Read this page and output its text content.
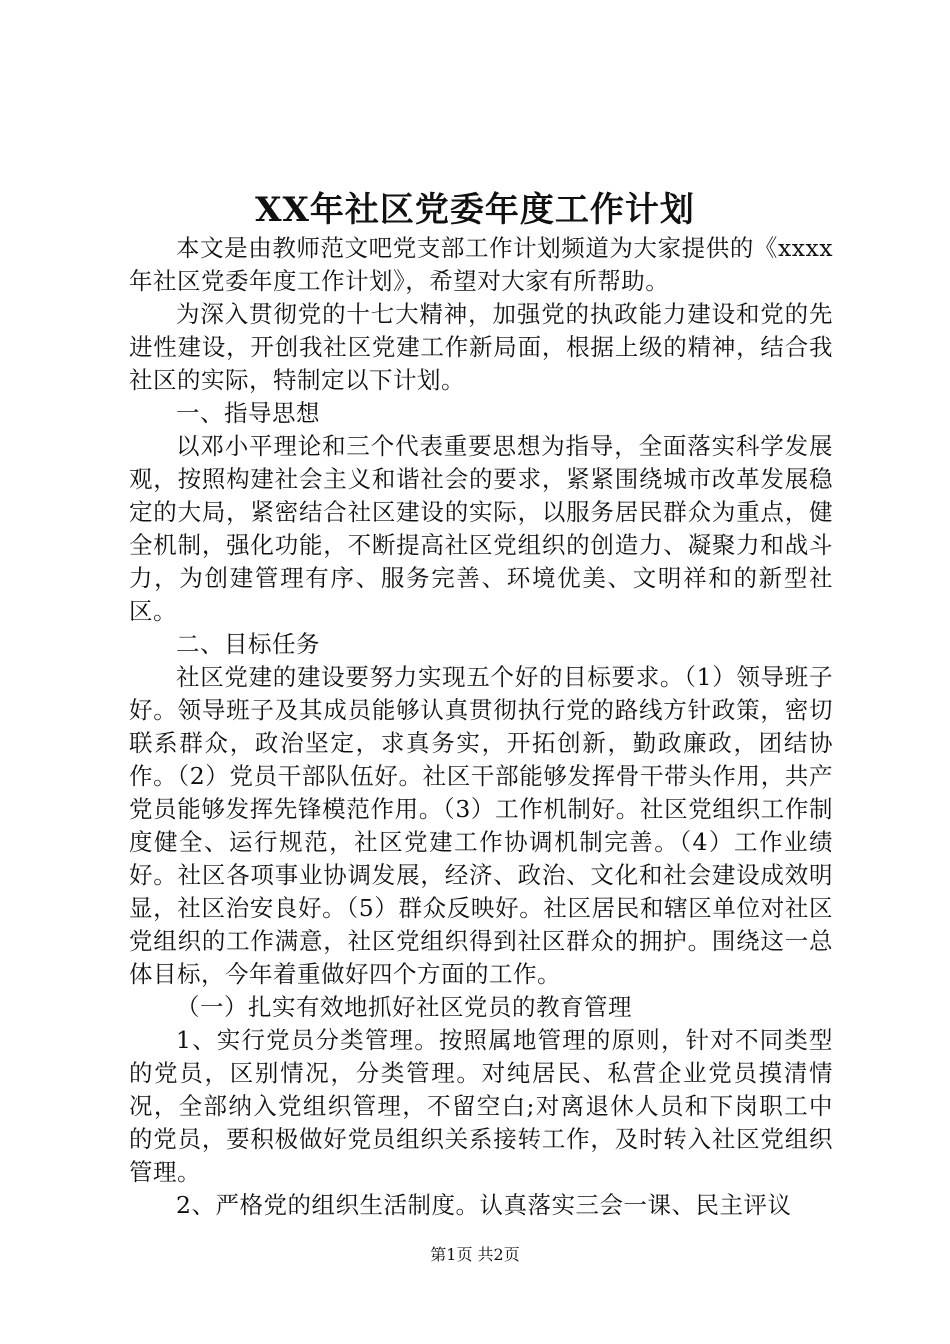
XX年社区党委年度工作计划

本文是由教师范文吧党支部工作计划频道为大家提供的《xxxx年社区党委年度工作计划》，希望对大家有所帮助。

为深入贯彻党的十七大精神，加强党的执政能力建设和党的先进性建设，开创我社区党建工作新局面，根据上级的精神，结合我社区的实际，特制定以下计划。

一、指导思想

以邓小平理论和三个代表重要思想为指导，全面落实科学发展观，按照构建社会主义和谐社会的要求，紧紧围绕城市改革发展稳定的大局，紧密结合社区建设的实际，以服务居民群众为重点，健全机制，强化功能，不断提高社区党组织的创造力、凝聚力和战斗力，为创建管理有序、服务完善、环境优美、文明祥和的新型社区。

二、目标任务

社区党建的建设要努力实现五个好的目标要求。（1）领导班子好。领导班子及其成员能够认真贯彻执行党的路线方针政策，密切联系群众，政治坚定，求真务实，开拓创新，勤政廉政，团结协作。（2）党员干部队伍好。社区干部能够发挥骨干带头作用，共产党员能够发挥先锋模范作用。（3）工作机制好。社区党组织工作制度健全、运行规范，社区党建工作协调机制完善。（4）工作业绩好。社区各项事业协调发展，经济、政治、文化和社会建设成效明显，社区治安良好。（5）群众反映好。社区居民和辖区单位对社区党组织的工作满意，社区党组织得到社区群众的拥护。围绕这一总体目标，今年着重做好四个方面的工作。

（一）扎实有效地抓好社区党员的教育管理

1、实行党员分类管理。按照属地管理的原则，针对不同类型的党员，区别情况，分类管理。对纯居民、私营企业党员摸清情况，全部纳入党组织管理，不留空白;对离退休人员和下岗职工中的党员，要积极做好党员组织关系接转工作，及时转入社区党组织管理。

2、严格党的组织生活制度。认真落实三会一课、民主评议

第1页 共2页
